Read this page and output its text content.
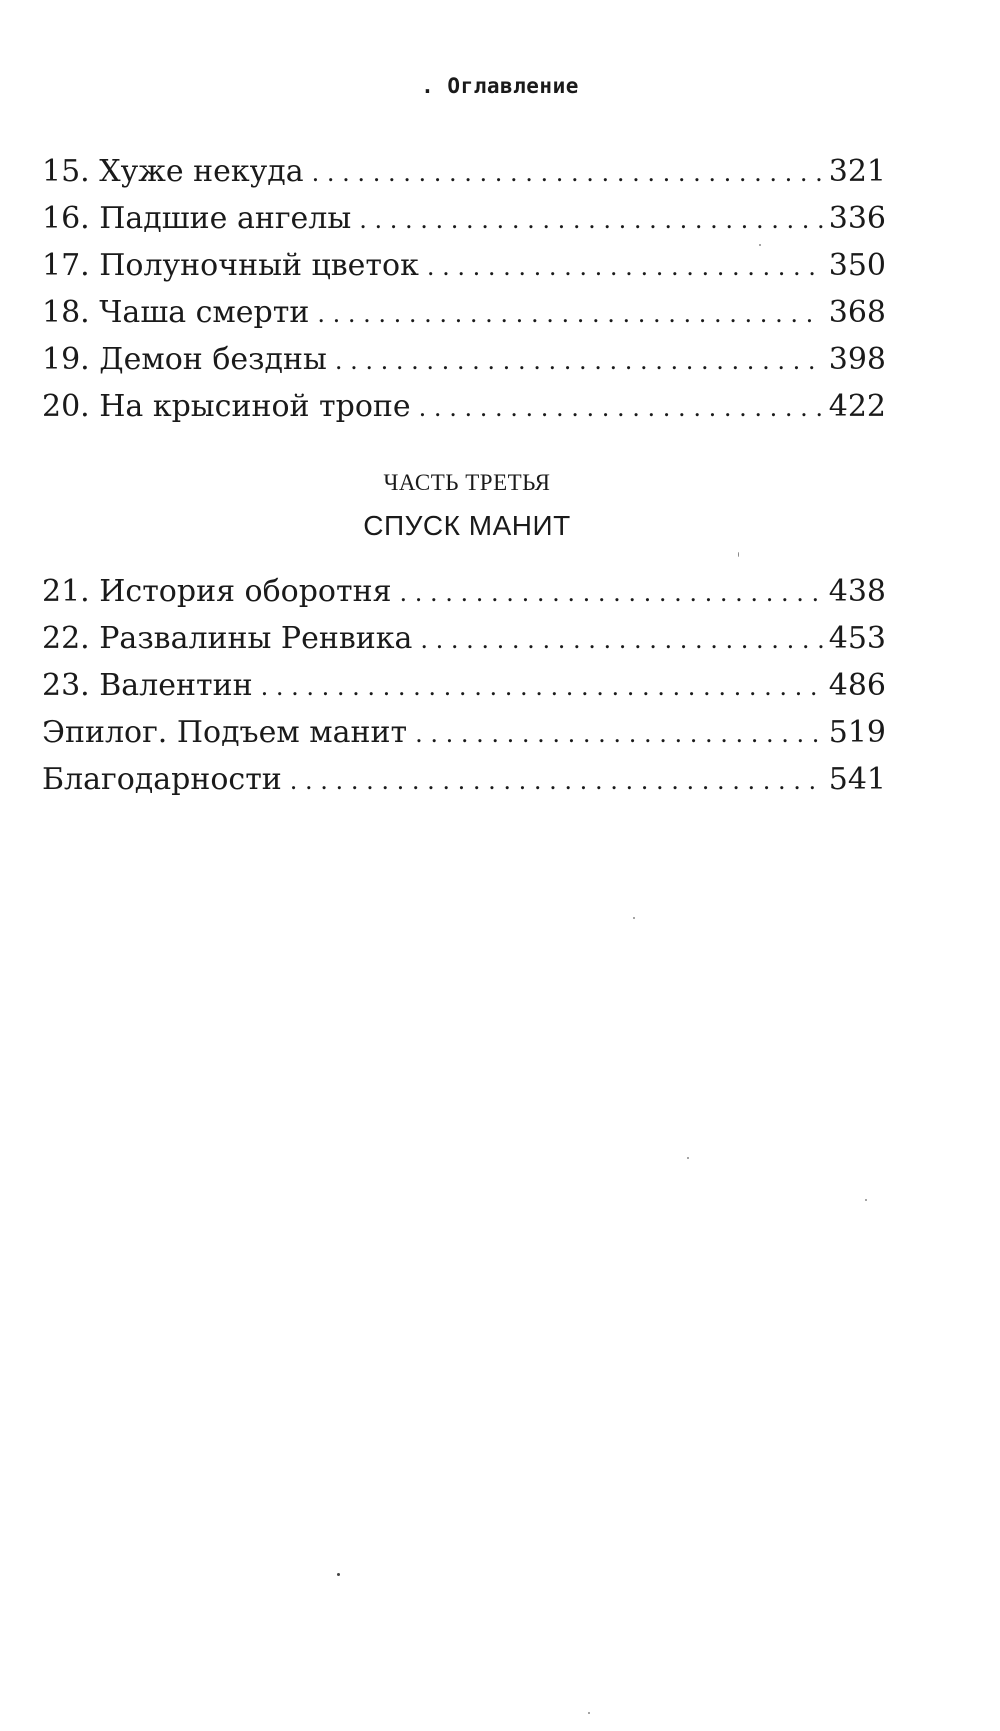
. Оглавление
15. Хуже некуда . . .	321
16. Падшие ангелы . . .	336
17. Полуночный цветок . . .	350
18. Чаша смерти . . .	368
19. Демон бездны . . .	398
20. На крысиной тропе . . .	422
ЧАСТЬ ТРЕТЬЯ
СПУСК МАНИТ
21. История оборотня . . .	438
22. Развалины Ренвика . . .	453
23. Валентин . . .	486
Эпилог. Подъем манит . . .	519
Благодарности . . .	541
